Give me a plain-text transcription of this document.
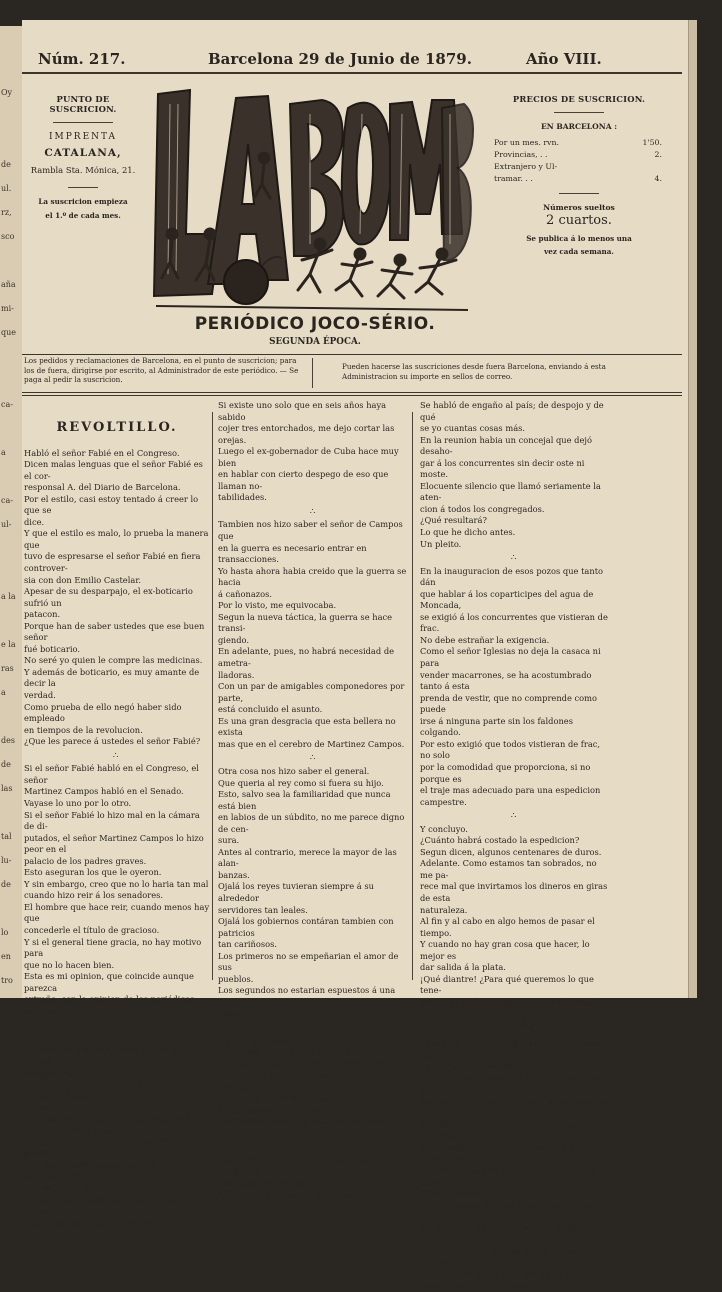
Oy
de
ul.
rz,
sco
aña
mi-
que
ca-
a
ca-
ul-
a la
e la
ras
a
des
de
las
tal
lu-
de
lo
en
tro
Núm. 217.	Barcelona 29 de Junio de 1879.	Año VIII.
PUNTO DE SUSCRICION.
IMPRENTA
CATALANA,
Rambla Sta. Mónica, 21.
La suscricion empieza
el 1.º de cada mes.
PERIÓDICO JOCO-SÉRIO.
SEGUNDA ÉPOCA.
PRECIOS DE SUSCRICION.
EN BARCELONA :
Por un mes. rvn.	1'50.
Provincias, . .	2.
Extranjero y Ul-
tramar. . .	4.
Números sueltos
2 cuartos.
Se publica á lo menos una
vez cada semana.
Los pedidos y reclamaciones de Barcelona, en el punto de suscricion; para los de fuera, dirigirse por escrito, al Administrador de este periódico. — Se paga al pedir la suscricion.
Pueden hacerse las suscriciones desde fuera Barcelona, enviando á esta Administracion su importe en sellos de correo.
REVOLTILLO.

Habló el señor Fabié en el Congreso.

Dicen malas lenguas que el señor Fabié es el cor-

responsal A. del Diario de Barcelona.

Por el estilo, casi estoy tentado á creer lo que se

dice.

Y que el estilo es malo, lo prueba la manera que

tuvo de espresarse el señor Fabié en fiera controver-

sia con don Emilio Castelar.

Apesar de su desparpajo, el ex-boticario sufrió un

patacon.

Porque han de saber ustedes que ese buen señor

fué boticario.

No seré yo quien le compre las medicinas.

Y además de boticario, es muy amante de decir la

verdad.

Como prueba de ello negó haber sido empleado

en tiempos de la revolucion.

¿Que les parece á ustedes el señor Fabié?

∴

Si el señor Fabié habló en el Congreso, el señor

Martinez Campos habló en el Senado.

Vayase lo uno por lo otro.

Si el señor Fabié lo hizo mal en la cámara de di-

putados, el señor Martinez Campos lo hizo peor en el

palacio de los padres graves.

Esto aseguran los que le oyeron.

Y sin embargo, creo que no lo haria tan mal

cuando hizo reir á los senadores.

El hombre que hace reir, cuando menos hay que

concederle el título de gracioso.

Y si el general tiene gracia, no hay motivo para

que no lo hacen bien.

Esta es mi opinion, que coincide aunque parezca

extraño, con la opinion de los periódicos ministe-

riales.

∴

El héroe de Sagunto, habló de eso que llaman

habilidades.

Comprendo que hable así el general.

Todos los hombres le deben parecer muy peque-

ños comparados con un gran capacidad.

Y efectivamente lo son.

Y sinó, vamos á ver: ¿qué capacidad, por notable

que sea, puede compararse con la capacidad del

cuerpo de Miret?

¿Cuál de esos hombres que se llaman notabilida-

des, ha hecho lo que el general?

Si existe uno solo que en seis años haya sabido

cojer tres entorchados, me dejo cortar las orejas.

Luego el ex-gobernador de Cuba hace muy bien

en hablar con cierto despego de eso que llaman no-

tabilidades.

∴

Tambien nos hizo saber el señor de Campos que

en la guerra es necesario entrar en transacciones.

Yo hasta ahora habia creido que la guerra se hacia

á cañonazos.

Por lo visto, me equivocaba.

Segun la nueva táctica, la guerra se hace transi-

giendo.

En adelante, pues, no habrá necesidad de ametra-

lladoras.

Con un par de amigables componedores por parte,

está concluido el asunto.

Es una gran desgracia que esta bellera no exista

mas que en el cerebro de Martinez Campos.

∴

Otra cosa nos hizo saber el general.

Que queria al rey como si fuera su hijo.

Esto, salvo sea la familiaridad que nunca está bien

en labios de un súbdito, no me parece digno de cen-

sura.

Antes al contrario, merece la mayor de las alan-

banzas.

Ojalá los reyes tuvieran siempre á su alrededor

servidores tan leales.

Ojalá los gobiernos contáran tambien con patricios

tan cariñosos.

Los primeros no se empeñarian el amor de sus

pueblos.

Los segundos no estarian espuestos á una embos-

cada.

∴

Y basta de general.

Hablemos ahora del Ayuntamiento.

Esto es; del Ayuntamiento de Barcelona.

Que se está llenando de gloria.

¿Por qué?

Porque ha hecho dos pozos.

Y que ha dado agua, mucha agua.

Pero nos ha dado á la vez otra cosa peor.

Un pleito.

∴

Los dueños de la acequia Condal han celebrado

una numerosa reunion.

Allí se dijeron cosas muy gordas.

Se habló de engaño al país; de despojo y de qué

se yo cuantas cosas más.

En la reunion habia un concejal que dejó desaho-

gar á los concurrentes sin decir oste ni moste.

Elocuente silencio que llamó seriamente la aten-

cion á todos los congregados.

¿Qué resultará?

Lo que he dicho antes.

Un pleito.

∴

En la inauguracion de esos pozos que tanto dán

que hablar á los coparticipes del agua de Moncada,

se exigió á los concurrentes que vistieran de frac.

No debe estrañar la exigencia.

Como el señor Iglesias no deja la casaca ni para

vender macarrones, se ha acostumbrado tanto á esta

prenda de vestir, que no comprende como puede

irse á ninguna parte sin los faldones colgando.

Por esto exigió que todos vistieran de frac, no solo

por la comodidad que proporciona, si no porque es

el traje mas adecuado para una espedicion campestre.

∴

Y concluyo.

¿Cuánto habrá costado la espedicion?

Segun dicen, algunos centenares de duros.

Adelante. Como estamos tan sobrados, no me pa-

rece mal que invirtamos los dineros en giras de esta

naturaleza.

Al fin y al cabo en algo hemos de pasar el tiempo.

Y cuando no hay gran cosa que hacer, lo mejor es

dar salida á la plata.

¡Qué diantre! ¿Para qué queremos lo que tene-

mos si no podemos pagar lo que debemos?

UN VIAJE.

Lo repito: el señor Puig y Llagostera es para mi

un hombre muy simpático.

Sin duda por lo bien que le traté la semana ante-

rior, merced del señor Puig la grata atencion de ser

invitado para visitar las importantísimas obras que

está llevando á cabo en la comarca de Esparraguera

y en una estension de cuatro kilómetros á partir des-

de su grandiosa fábrica.

Una invitacion de esta naturaleza, hecha por el

hombre á quien he combatido y combato sin más

consideraciones que las que se deben las personas

bien nacidas, tenia para mi cierto atractivo.

Acepté, pues, la invitacion.
